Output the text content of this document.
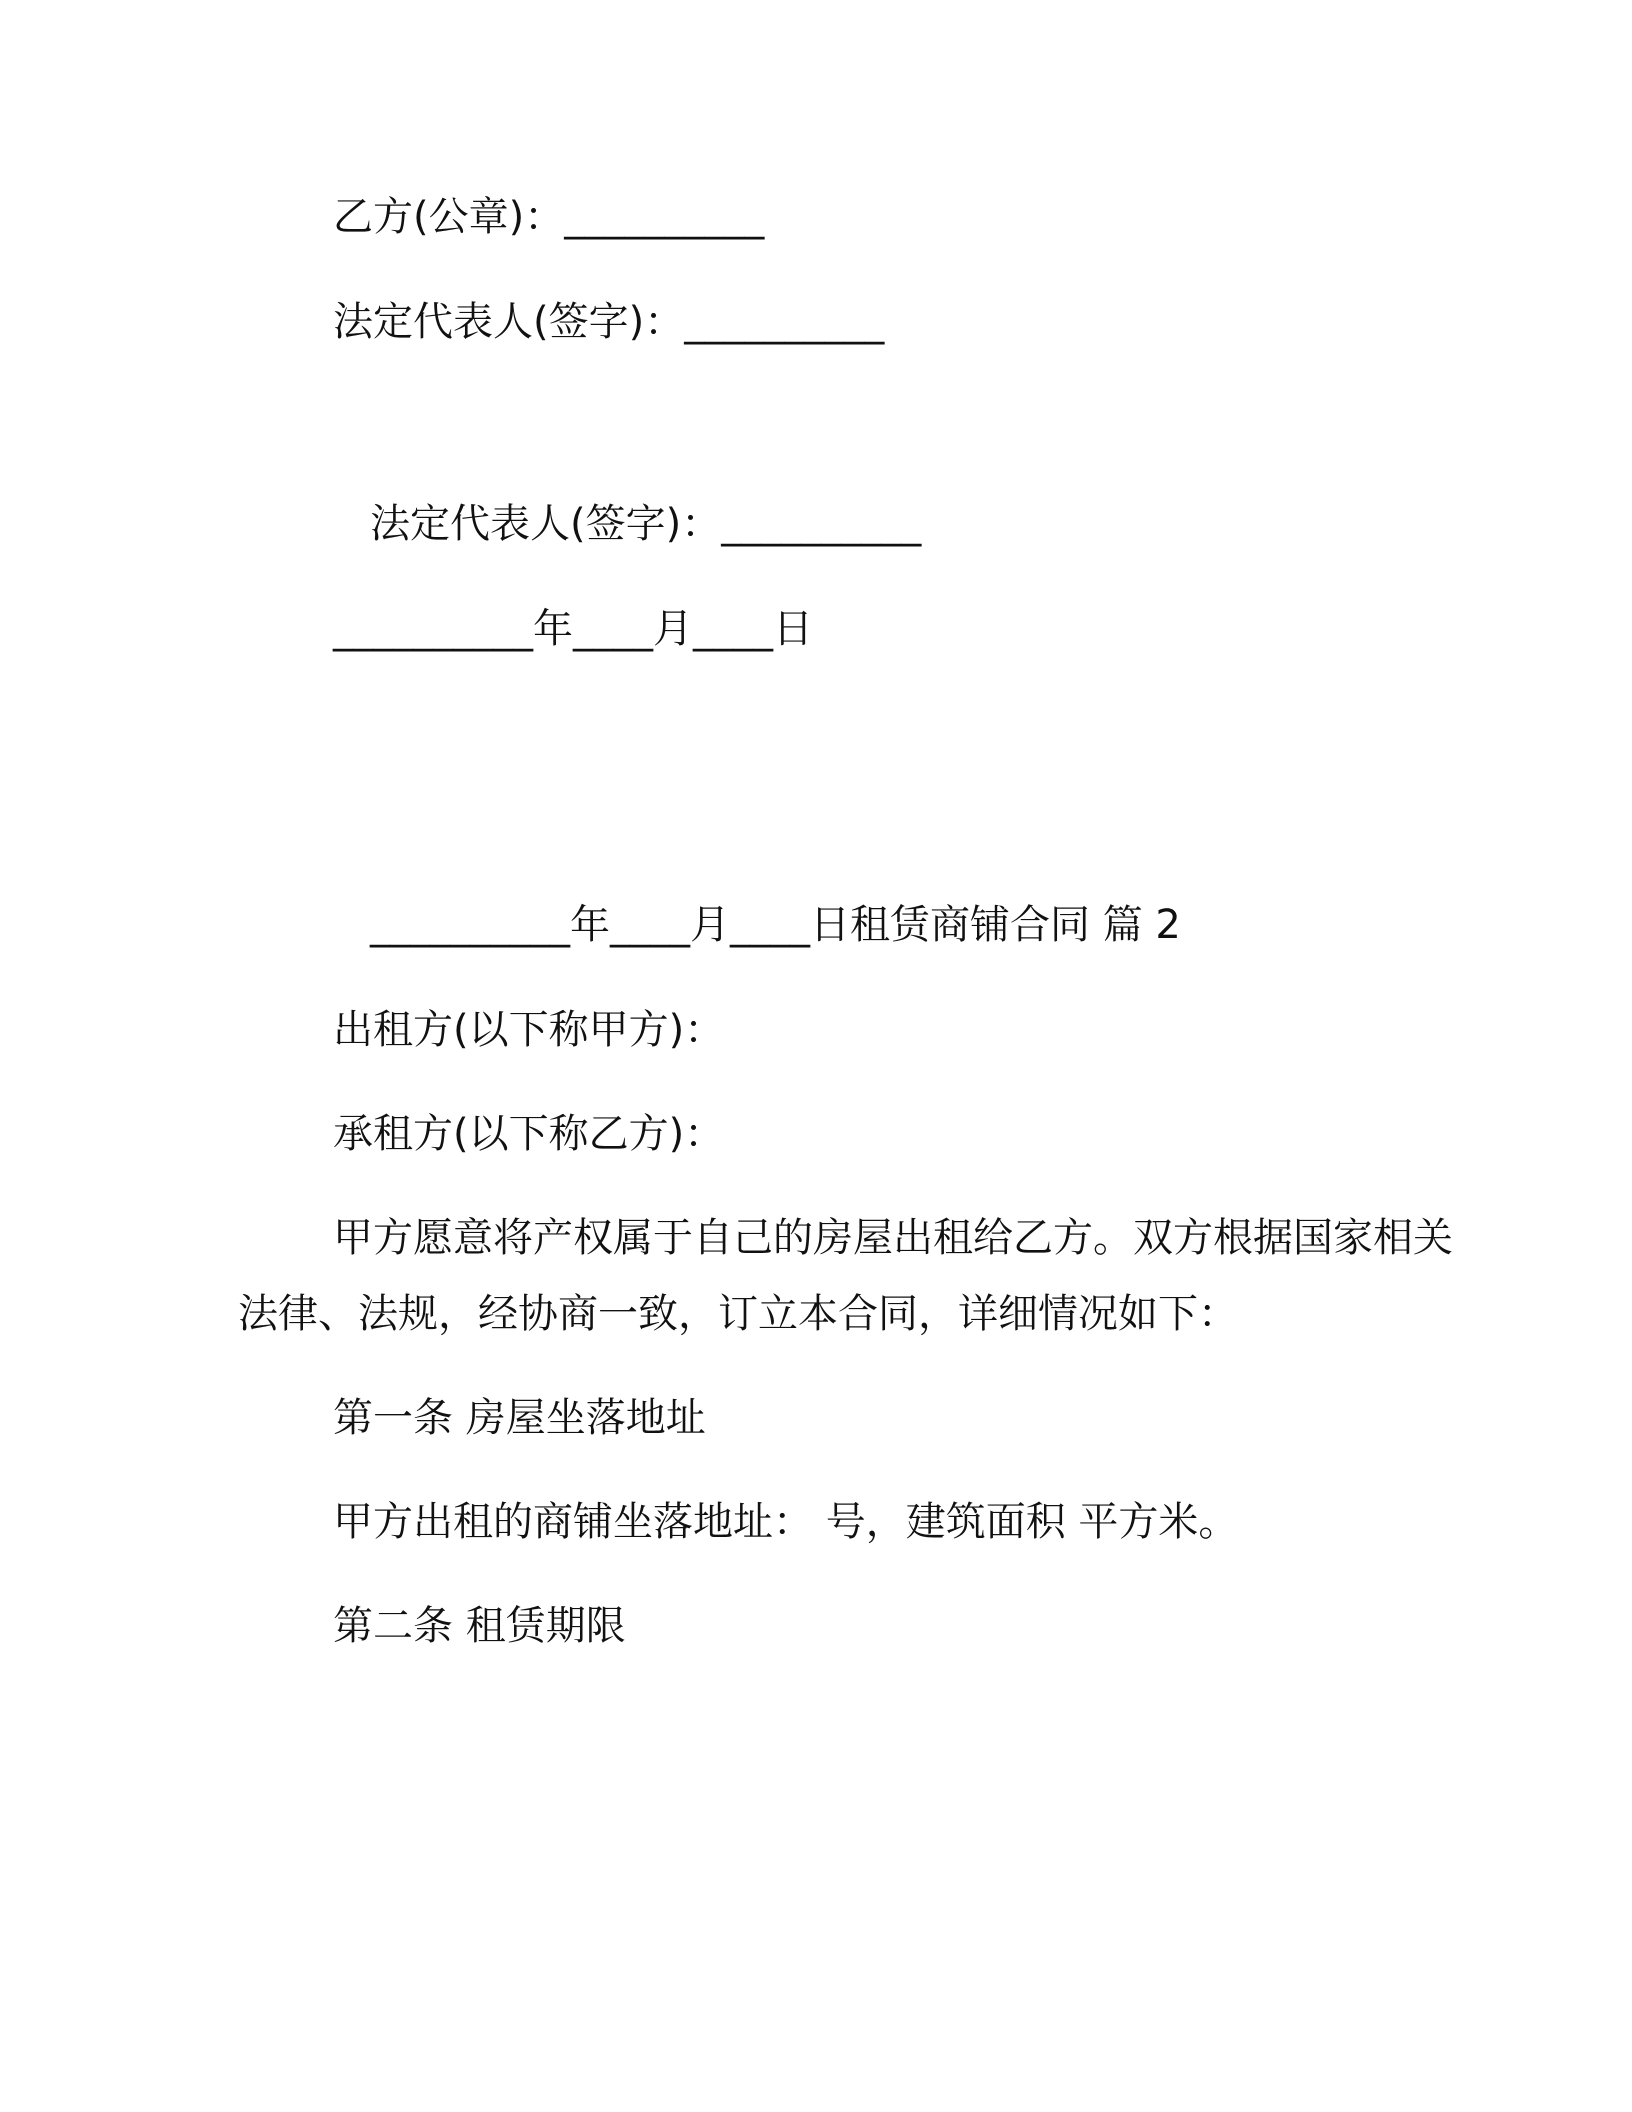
乙方(公章)：__________
法定代表人(签字)：__________
法定代表人(签字)：__________
__________年____月____日
__________年____月____日租赁商铺合同 篇 2
出租方(以下称甲方)：
承租方(以下称乙方)：
甲方愿意将产权属于自己的房屋出租给乙方。双方根据国家相关
法律、法规，经协商一致，订立本合同，详细情况如下：
第一条 房屋坐落地址
甲方出租的商铺坐落地址： 号，建筑面积 平方米。
第二条 租赁期限
